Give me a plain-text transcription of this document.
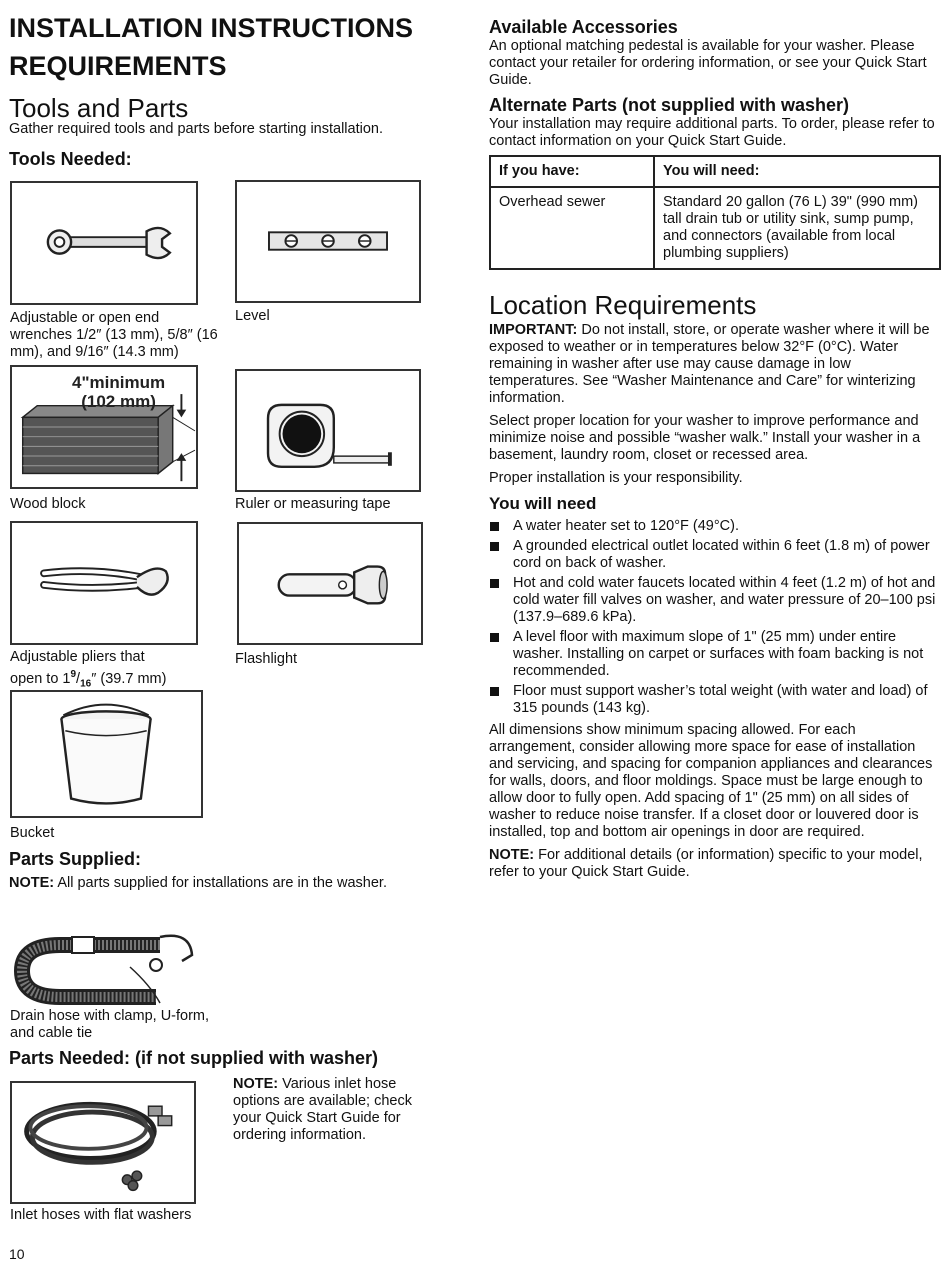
INSTALLATION INSTRUCTIONS

REQUIREMENTS

Tools and Parts

Gather required tools and parts before starting installation.

Tools Needed:

Adjustable or open end wrenches 1/2″ (13 mm), 5/8″ (16 mm), and 9/16″ (14.3 mm)

Level

4"minimum
(102 mm)

Wood block	Ruler or measuring tape

Adjustable pliers that
open to $1^9/_{16}''$ (39.7 mm)

Flashlight

Bucket

Parts Supplied:

NOTE: All parts supplied for installations are in the washer.

Drain hose with clamp, U-form, and cable tie

Parts Needed: (if not supplied with washer)

NOTE: Various inlet hose options are available; check your Quick Start Guide for ordering information.

Inlet hoses with flat washers

10

Available Accessories

An optional matching pedestal is available for your washer. Please contact your retailer for ordering information, or see your Quick Start Guide.

Alternate Parts (not supplied with washer)

Your installation may require additional parts. To order, please refer to contact information on your Quick Start Guide.

If you have:	You will need:
Overhead sewer	Standard 20 gallon (76 L) 39" (990 mm) tall drain tub or utility sink, sump pump, and connectors (available from local plumbing suppliers)

Location Requirements

IMPORTANT: Do not install, store, or operate washer where it will be exposed to weather or in temperatures below 32°F (0°C). Water remaining in washer after use may cause damage in low temperatures. See “Washer Maintenance and Care” for winterizing information.

Select proper location for your washer to improve performance and minimize noise and possible “washer walk.” Install your washer in a basement, laundry room, closet or recessed area.

Proper installation is your responsibility.

You will need

A water heater set to 120°F (49°C).
A grounded electrical outlet located within 6 feet (1.8 m) of power cord on back of washer.
Hot and cold water faucets located within 4 feet (1.2 m) of hot and cold water fill valves on washer, and water pressure of 20–100 psi (137.9–689.6 kPa).
A level floor with maximum slope of 1" (25 mm) under entire washer. Installing on carpet or surfaces with foam backing is not recommended.
Floor must support washer’s total weight (with water and load) of 315 pounds (143 kg).

All dimensions show minimum spacing allowed. For each arrangement, consider allowing more space for ease of installation and servicing, and spacing for companion appliances and clearances for walls, doors, and floor moldings. Space must be large enough to allow door to fully open. Add spacing of 1" (25 mm) on all sides of washer to reduce noise transfer. If a closet door or louvered door is installed, top and bottom air openings in door are required.

NOTE: For additional details (or information) specific to your model, refer to your Quick Start Guide.
